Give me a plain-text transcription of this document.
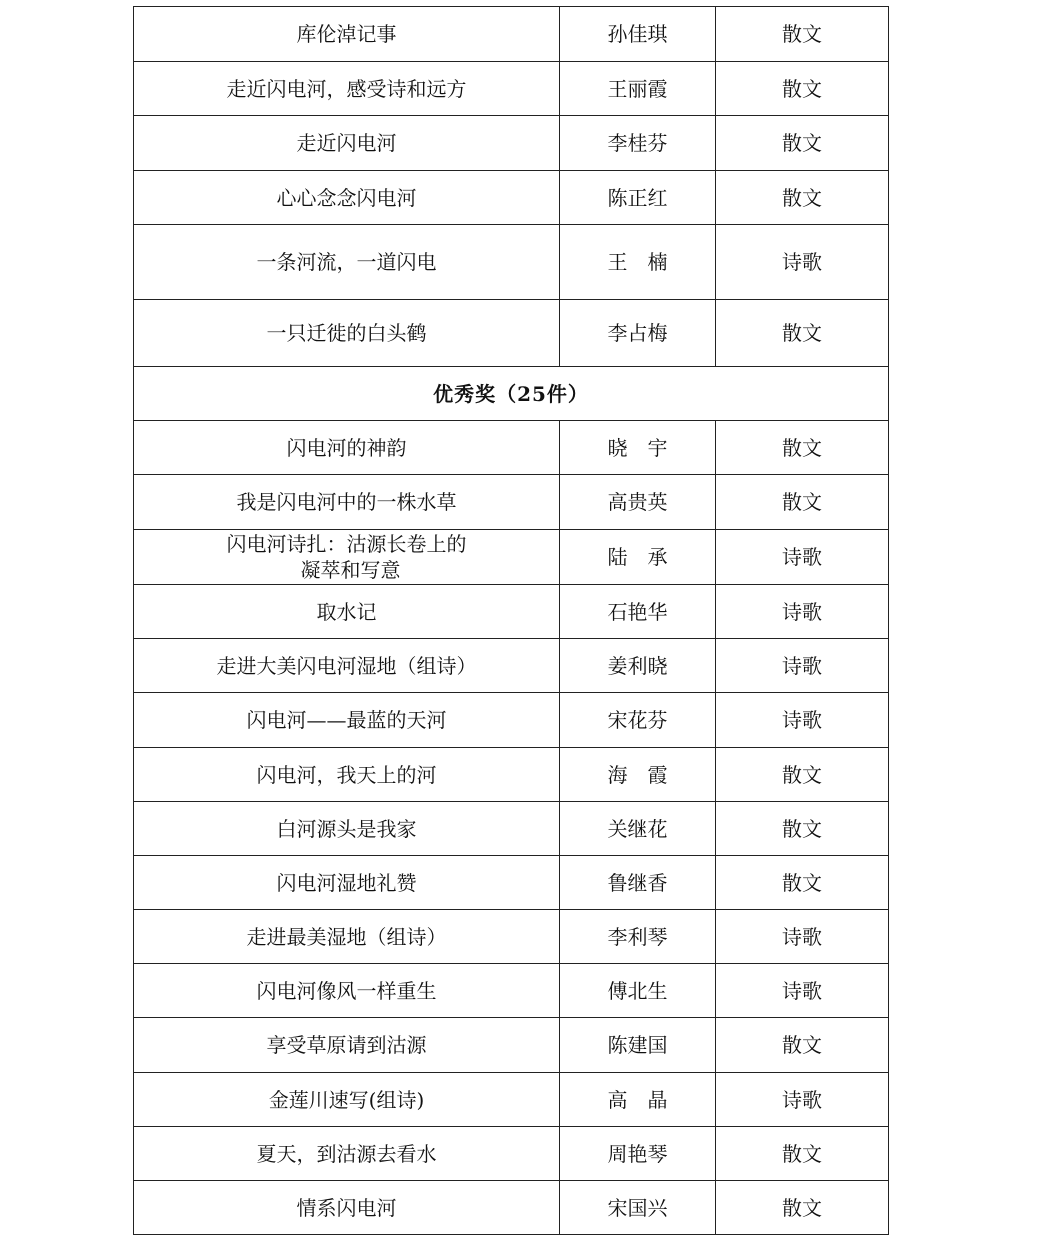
库伦淖记事	孙佳琪	散文
走近闪电河，感受诗和远方	王丽霞	散文
走近闪电河	李桂芬	散文
心心念念闪电河	陈正红	散文
一条河流，一道闪电	王　楠	诗歌
一只迁徙的白头鹤	李占梅	散文
优秀奖（25件）		
闪电河的神韵	晓　宇	散文
我是闪电河中的一株水草	高贵英	散文
闪电河诗扎：沽源长卷上的
凝萃和写意	陆　承	诗歌
取水记	石艳华	诗歌
走进大美闪电河湿地（组诗）	姜利晓	诗歌
闪电河——最蓝的天河	宋花芬	诗歌
闪电河，我天上的河	海　霞	散文
白河源头是我家	关继花	散文
闪电河湿地礼赞	鲁继香	散文
走进最美湿地（组诗）	李利琴	诗歌
闪电河像风一样重生	傅北生	诗歌
享受草原请到沽源	陈建国	散文
金莲川速写(组诗)	高　晶	诗歌
夏天，到沽源去看水	周艳琴	散文
情系闪电河	宋国兴	散文
